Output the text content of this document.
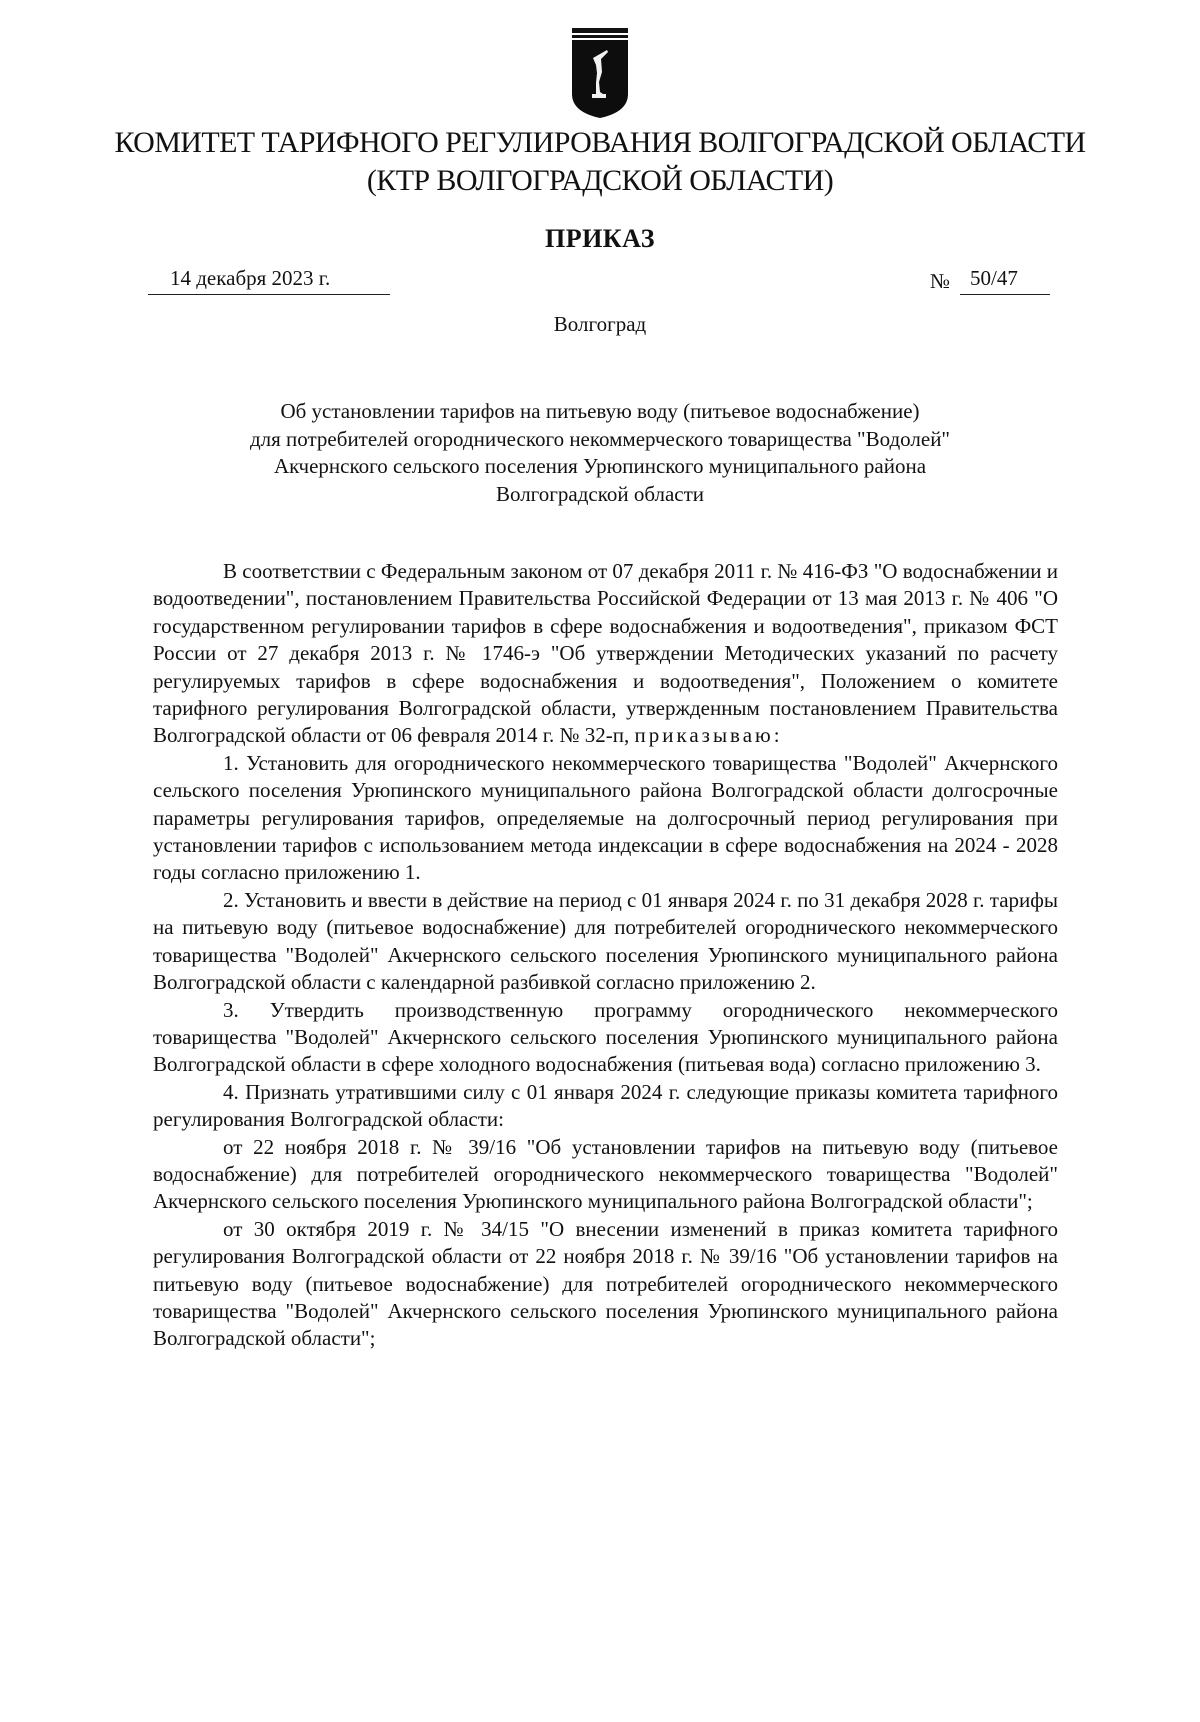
КОМИТЕТ ТАРИФНОГО РЕГУЛИРОВАНИЯ ВОЛГОГРАДСКОЙ ОБЛАСТИ
(КТР ВОЛГОГРАДСКОЙ ОБЛАСТИ)
ПРИКАЗ
14 декабря 2023 г.	№ 50/47
Волгоград
Об установлении тарифов на питьевую воду (питьевое водоснабжение)
для потребителей огороднического некоммерческого товарищества "Водолей"
Акчернского сельского поселения Урюпинского муниципального района
Волгоградской области

В соответствии с Федеральным законом от 07 декабря 2011 г. № 416-ФЗ "О водоснабжении и водоотведении", постановлением Правительства Российской Федерации от 13 мая 2013 г. № 406 "О государственном регулировании тарифов в сфере водоснабжения и водоотведения", приказом ФСТ России от 27 декабря 2013 г. № 1746-э "Об утверждении Методических указаний по расчету регулируемых тарифов в сфере водоснабжения и водоотведения", Положением о комитете тарифного регулирования Волгоградской области, утвержденным постановлением Правительства Волгоградской области от 06 февраля 2014 г. № 32-п, приказываю:

1. Установить для огороднического некоммерческого товарищества "Водолей" Акчернского сельского поселения Урюпинского муниципального района Волгоградской области долгосрочные параметры регулирования тарифов, определяемые на долгосрочный период регулирования при установлении тарифов с использованием метода индексации в сфере водоснабжения на 2024 - 2028 годы согласно приложению 1.

2. Установить и ввести в действие на период с 01 января 2024 г. по 31 декабря 2028 г. тарифы на питьевую воду (питьевое водоснабжение) для потребителей огороднического некоммерческого товарищества "Водолей" Акчернского сельского поселения Урюпинского муниципального района Волгоградской области с календарной разбивкой согласно приложению 2.

3. Утвердить производственную программу огороднического некоммерческого товарищества "Водолей" Акчернского сельского поселения Урюпинского муниципального района Волгоградской области в сфере холодного водоснабжения (питьевая вода) согласно приложению 3.

4. Признать утратившими силу с 01 января 2024 г. следующие приказы комитета тарифного регулирования Волгоградской области:

от 22 ноября 2018 г. № 39/16 "Об установлении тарифов на питьевую воду (питьевое водоснабжение) для потребителей огороднического некоммерческого товарищества "Водолей" Акчернского сельского поселения Урюпинского муниципального района Волгоградской области";

от 30 октября 2019 г. № 34/15 "О внесении изменений в приказ комитета тарифного регулирования Волгоградской области от 22 ноября 2018 г. № 39/16 "Об установлении тарифов на питьевую воду (питьевое водоснабжение) для потребителей огороднического некоммерческого товарищества "Водолей" Акчернского сельского поселения Урюпинского муниципального района Волгоградской области";
